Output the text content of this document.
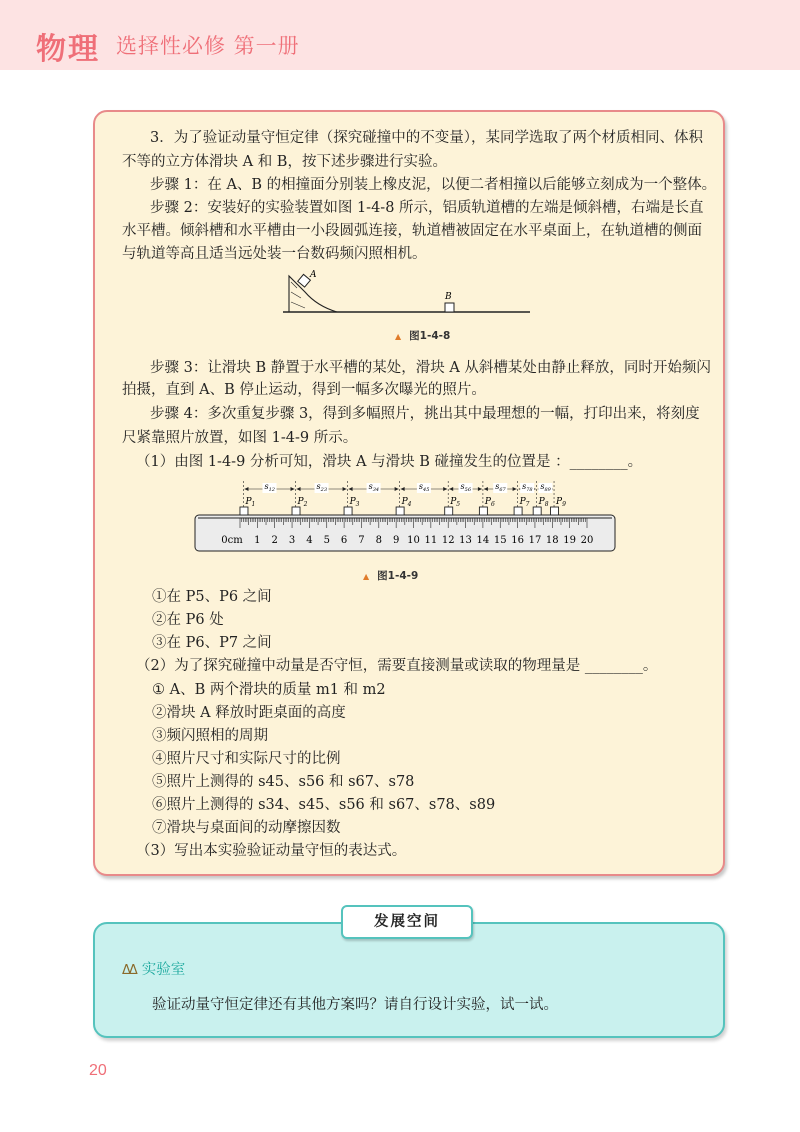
物理 选择性必修 第一册
A
B
▲ 图1-4-8
0cm 1 2 3 4 5 6 7 8 9 10 11 12 13 14 15 16 17 18 19 20
$P_1$	$P_2$	$P_3$	$P_4$	$P_5$	$P_6$	$P_7$ $P_8$ $P_9$
$s_{12}$	$s_{23}$	$s_{34}$	$s_{45}$	$s_{56}$	$s_{67}$ $s_{78}$ $s_{89}$
▲ 图1-4-9
发展空间
ΔΔ 实验室
验证动量守恒定律还有其他方案吗？请自行设计实验，试一试。
20
3．为了验证动量守恒定律（探究碰撞中的不变量），某同学选取了两个材质相同、体积
不等的立方体滑块 A 和 B，按下述步骤进行实验。
步骤 1：在 A、B 的相撞面分别装上橡皮泥，以便二者相撞以后能够立刻成为一个整体。
步骤 2：安装好的实验装置如图 1-4-8 所示，铝质轨道槽的左端是倾斜槽，右端是长直
水平槽。倾斜槽和水平槽由一小段圆弧连接，轨道槽被固定在水平桌面上，在轨道槽的侧面
与轨道等高且适当远处装一台数码频闪照相机。
步骤 3：让滑块 B 静置于水平槽的某处，滑块 A 从斜槽某处由静止释放，同时开始频闪
拍摄，直到 A、B 停止运动，得到一幅多次曝光的照片。
步骤 4：多次重复步骤 3，得到多幅照片，挑出其中最理想的一幅，打印出来，将刻度
尺紧靠照片放置，如图 1-4-9 所示。
（1）由图 1-4-9 分析可知，滑块 A 与滑块 B 碰撞发生的位置是 ：________。
①在 P5、P6 之间
②在 P6 处
③在 P6、P7 之间
（2）为了探究碰撞中动量是否守恒，需要直接测量或读取的物理量是 ________。
① A、B 两个滑块的质量 m1 和 m2
②滑块 A 释放时距桌面的高度
③频闪照相的周期
④照片尺寸和实际尺寸的比例
⑤照片上测得的 s45、s56 和 s67、s78
⑥照片上测得的 s34、s45、s56 和 s67、s78、s89
⑦滑块与桌面间的动摩擦因数
（3）写出本实验验证动量守恒的表达式。
